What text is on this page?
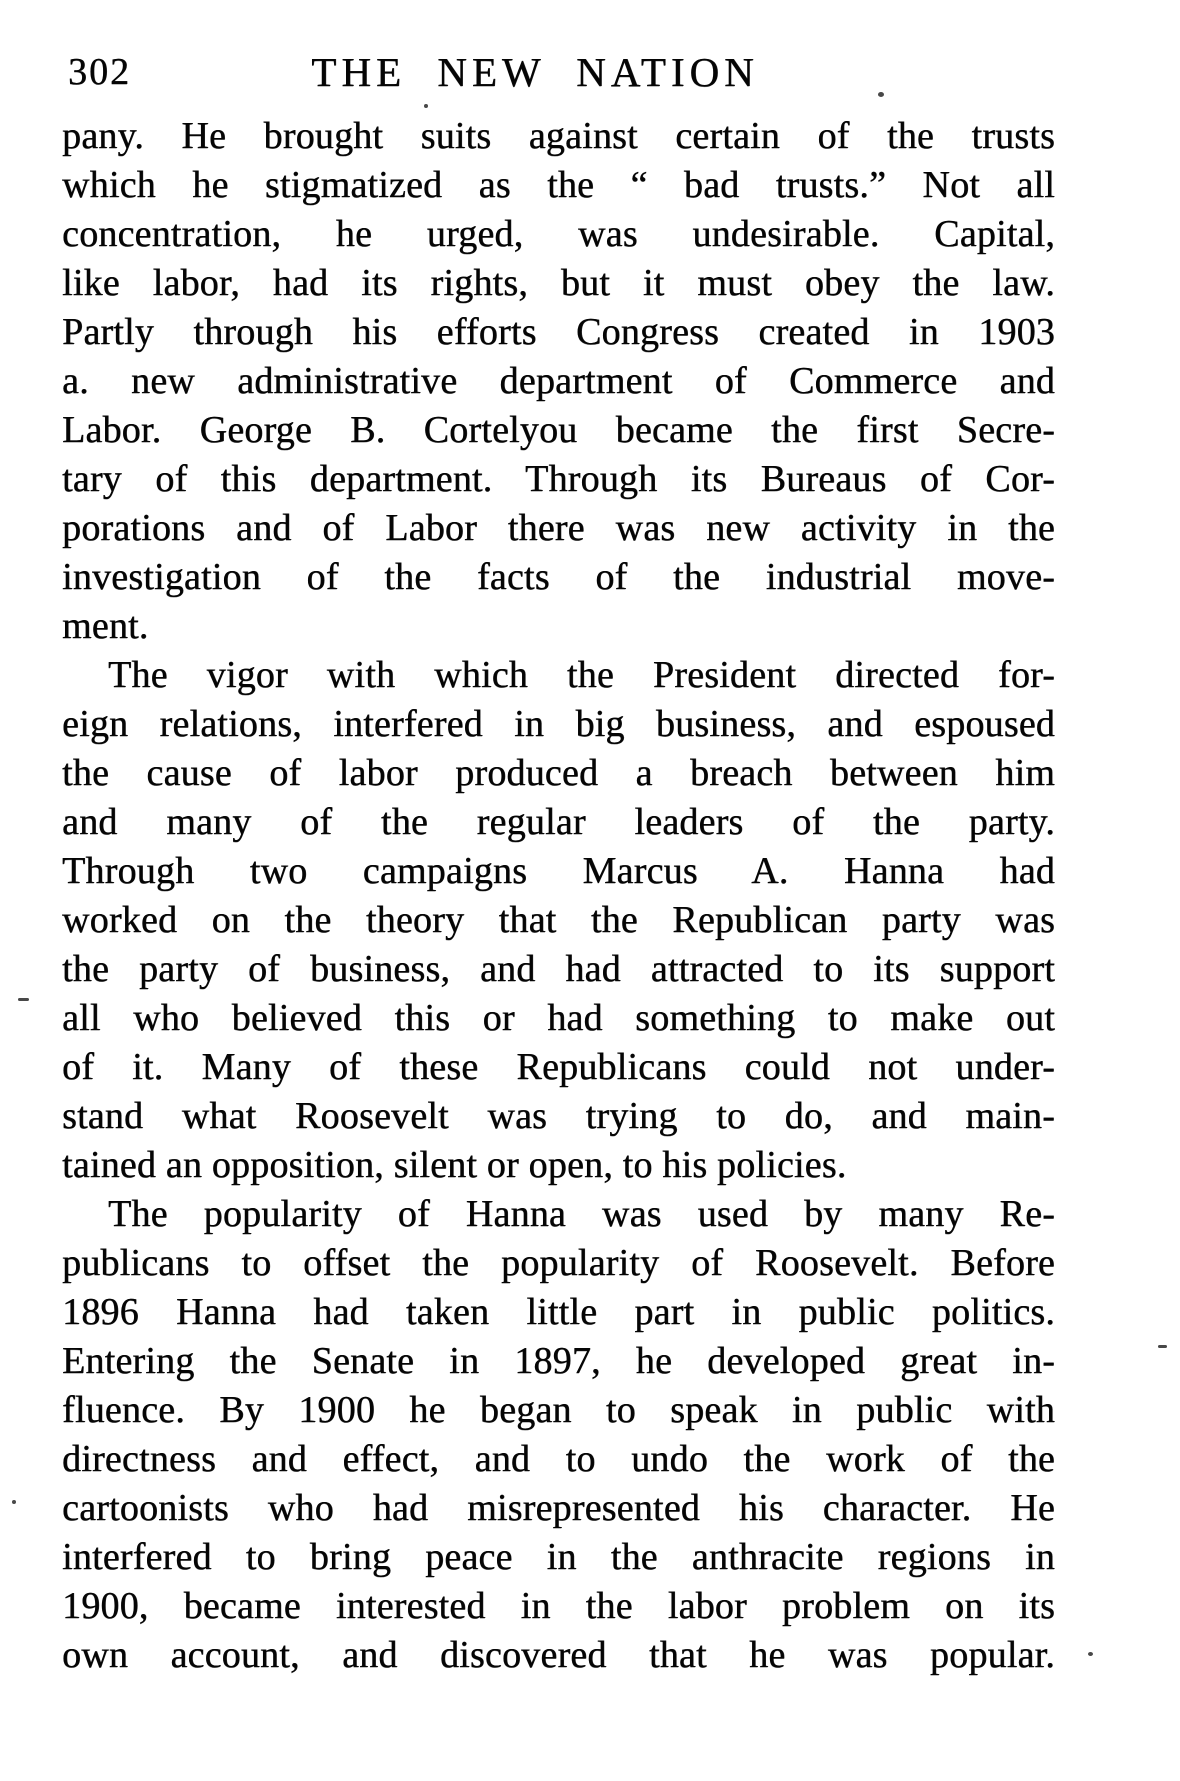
302	THE NEW NATION
pany. He brought suits against certain of the trusts
which he stigmatized as the “ bad trusts.” Not all
concentration, he urged, was undesirable. Capital,
like labor, had its rights, but it must obey the law.
Partly through his efforts Congress created in 1903
a. new administrative department of Commerce and
Labor. George B. Cortelyou became the first Secre-
tary of this department. Through its Bureaus of Cor-
porations and of Labor there was new activity in the
investigation of the facts of the industrial move-
ment.
The vigor with which the President directed for-
eign relations, interfered in big business, and espoused
the cause of labor produced a breach between him
and many of the regular leaders of the party.
Through two campaigns Marcus A. Hanna had
worked on the theory that the Republican party was
the party of business, and had attracted to its support
all who believed this or had something to make out
of it. Many of these Republicans could not under-
stand what Roosevelt was trying to do, and main-
tained an opposition, silent or open, to his policies.
The popularity of Hanna was used by many Re-
publicans to offset the popularity of Roosevelt. Before
1896 Hanna had taken little part in public politics.
Entering the Senate in 1897, he developed great in-
fluence. By 1900 he began to speak in public with
directness and effect, and to undo the work of the
cartoonists who had misrepresented his character. He
interfered to bring peace in the anthracite regions in
1900, became interested in the labor problem on its
own account, and discovered that he was popular.
